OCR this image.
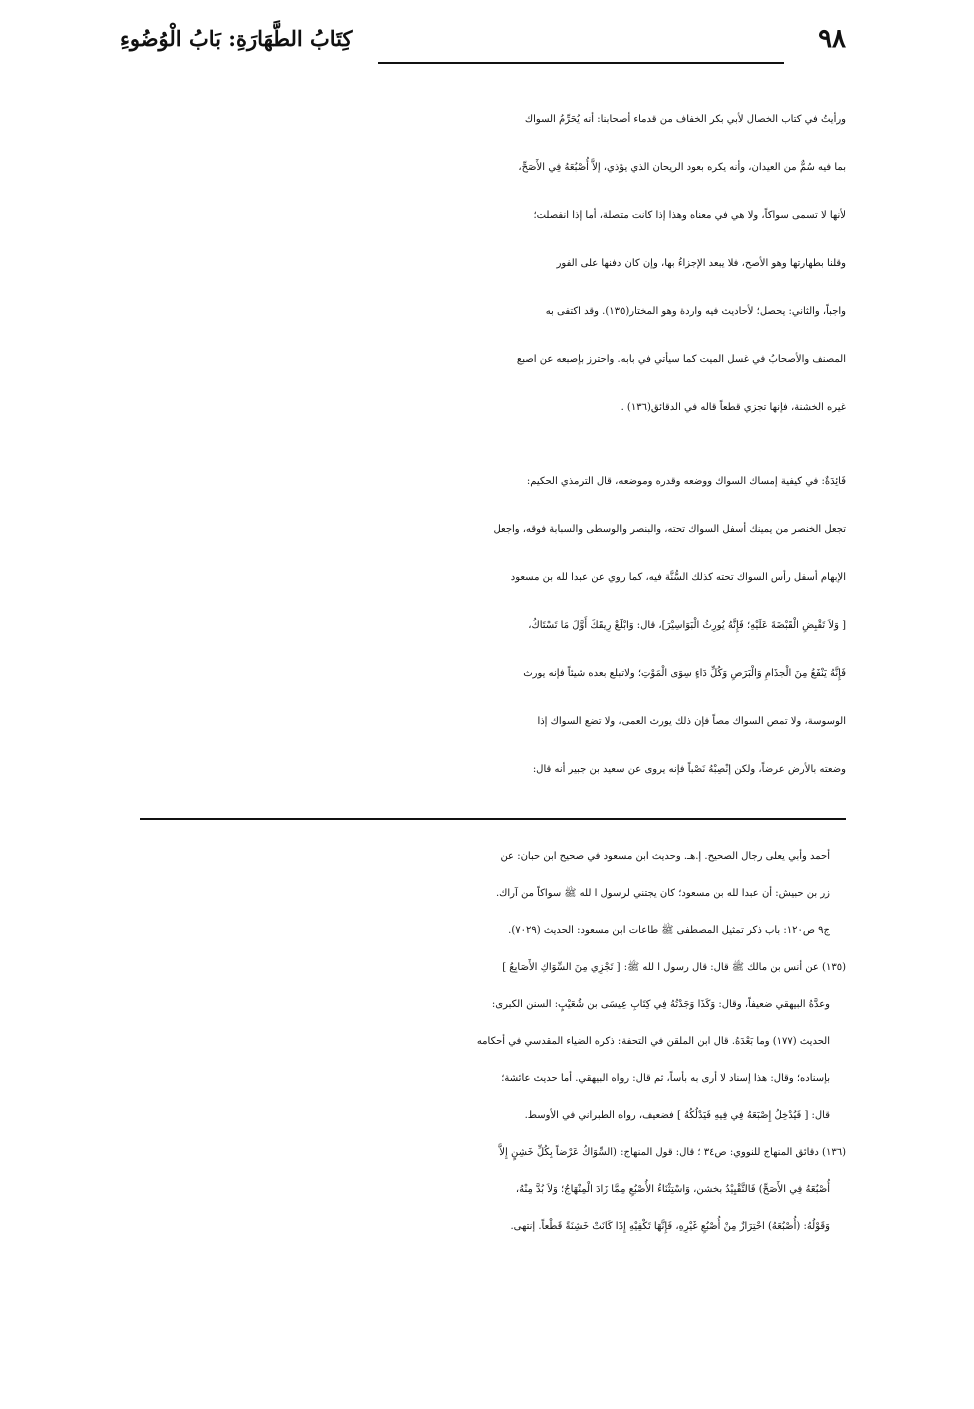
٩٨
كِتَابُ الطَّهَارَةِ: بَابُ الْوُضُوءِ

ورأيتُ في كتاب الخصال لأبي بكر الخفاف من قدماء أصحابنا: أنه يُحَرِّمُ السواك

بما فيه سُمٌّ من العيدان، وأنه يكره بعود الريحان الذي يؤذي، إلاَّ أُصْبُعَهُ فِي الأَصَحِّ،

لأنها لا تسمى سواكاً، ولا هي في معناه وهذا إذا كانت متصلة، أما إذا انفصلت؛

وقلنا بطهارتها وهو الأصح، فلا يبعد الإجزاءُ بها، وإن كان دفنها على الفور

واجباً، والثاني: يحصل؛ لأحاديث فيه واردة وهو المختار(١٣٥). وقد اكتفى به

المصنف والأصحابُ في غسل الميت كما سيأتي في بابه. واحترز بإصبعه عن اصبع

غيره الخشنة، فإنها تجزي قطعاً قاله في الدقائق(١٣٦) .

فَائِدَةٌ: في كيفية إمساك السواك ووضعه وقدره وموضعه، قال الترمذي الحكيم:

تجعل الخنصر من يمينك أسفل السواك تحته، والبنصر والوسطى والسبابة فوقه، واجعل

الإبهام أسفل رأس السواك تحته كذلك السُّنَّة فيه، كما روي عن عبدا لله بن مسعود

[ وَلاَ تَقْبِضِ الْقَبْضَةَ عَلَيْهِ؛ فَإِنَّهُ يُورِثُ الْبَوَاسِيْرَ]، قال: وَابْلَعْ رِيقَكَ أَوَّلَ مَا تَسْتَاكُ،

فَإِنَّهُ يَنْفَعُ مِنَ الْجذَامِ وَالْبَرَصِ وَكُلِّ دَاءٍ سِوَى الْمَوْتِ؛ ولاتبلع بعده شيئاً فإنه يورث

الوسوسة، ولا تمص السواك مصاً فإن ذلك يورث العمى، ولا تضع السواك إذا

وضعته بالأرض عرضاً، ولكن إنْصِبْهُ نَصْباً فإنه يروى عن سعيد بن جبير أنه قال:

أحمد وأبي يعلى رجال الصحيح. إ.هـ. وحديث ابن مسعود في صحيح ابن حبان: عن

زر بن حبيش: أن عبدا لله بن مسعود؛ كان يجتني لرسول ا لله ﷺ سواكاً من آراك.

ج٩ ص١٢٠: باب ذكر تمثيل المصطفى ﷺ طاعات ابن مسعود: الحديث (٧٠٢٩).

(١٣٥) عن أنس بن مالك ﷺ قال: قال رسول ا لله ﷺ: [ تَجْزِي مِنَ السِّوَاكِ الأَصَابِعُ ]

وعدَّهُ البيهقي ضعيفاً، وقال: وَكَذَا وَجَدْتُهُ فِي كِتَابِ عِيسَى بن شُعَيْبٍ: السنن الكبرى:

الحديث (١٧٧) وما بَعْدَهُ. قال ابن الملقن في التحفة: ذكره الضياء المقدسي في أحكامه

بإسناده؛ وقال: هذا إسناد لا أرى به بأساً، ثم قال: رواه البيهقي. أما حديث عائشة؛

قال: [ فَيُدْخِلُ إِصْبَعَهُ فِي فِيهِ فَيَدْلُكُهُ ] فضعيف، رواه الطبراني في الأوسط.

(١٣٦) دقائق المنهاج للنووي: ص٣٤ ؛ قال: قول المنهاج: (السِّوَاكُ عَرْضاً بِكُلِّ خَشِنٍ إِلاَّ

أُصْبُعَهُ فِي الأَصَحِّ) فَالتَّقْيِيْدُ بخشن، وَاسْتِثْنَاءُ الأُصْبُعِ مِمَّا زَادَ الْمِنْهَاجُ؛ وَلاَ بُدَّ مِنْهُ،

وَقَوْلُهُ: (أُصْبُعَهُ) احْتِرَازٌ مِنْ أُصْبُعِ غَيْرِهِ، فَإِنَّهَا تَكْفِيْهِ إِذَا كَانَتْ خَشِنَةً قَطْعاً. إنتهى.
